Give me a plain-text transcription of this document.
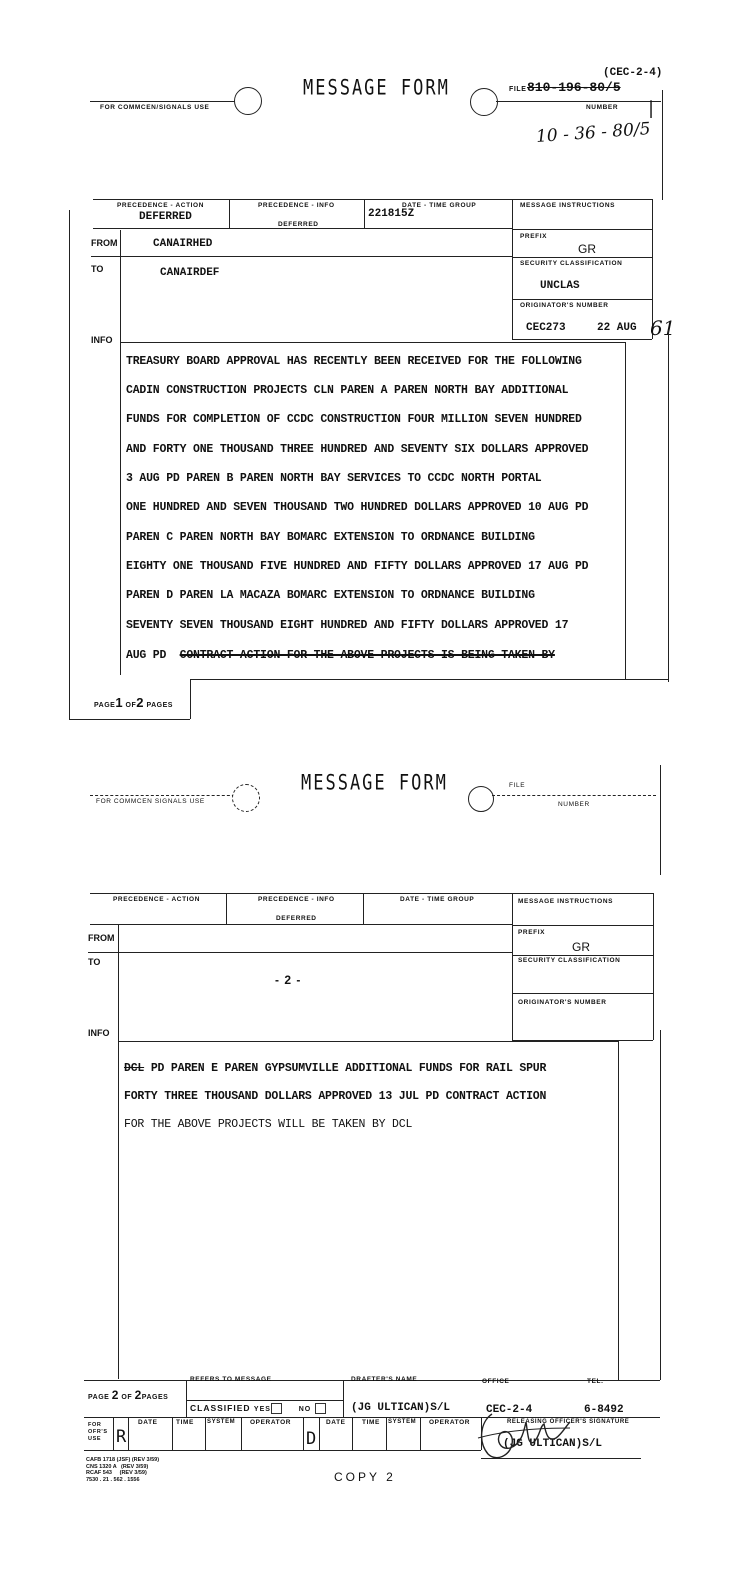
MESSAGE FORM
FOR COMMCEN/SIGNALS USE
FILE 810-196-80/5
(CEC-2-4)
NUMBER |
10 - 36 - 80/5
PRECEDENCE - ACTION
DEFERRED
PRECEDENCE - INFO
DEFERRED
DATE - TIME GROUP
221815Z
MESSAGE INSTRUCTIONS
PREFIX
GR
SECURITY CLASSIFICATION
UNCLAS
ORIGINATOR'S NUMBER
CEC273	22 AUG 61
FROM	CANAIRHED
TO	CANAIRDEF
INFO
TREASURY BOARD APPROVAL HAS RECENTLY BEEN RECEIVED FOR THE FOLLOWING
CADIN CONSTRUCTION PROJECTS CLN PAREN A PAREN NORTH BAY ADDITIONAL
FUNDS FOR COMPLETION OF CCDC CONSTRUCTION FOUR MILLION SEVEN HUNDRED
AND FORTY ONE THOUSAND THREE HUNDRED AND SEVENTY SIX DOLLARS APPROVED
3 AUG PD PAREN B PAREN NORTH BAY SERVICES TO CCDC NORTH PORTAL
ONE HUNDRED AND SEVEN THOUSAND TWO HUNDRED DOLLARS APPROVED 10 AUG PD
PAREN C PAREN NORTH BAY BOMARC EXTENSION TO ORDNANCE BUILDING
EIGHTY ONE THOUSAND FIVE HUNDRED AND FIFTY DOLLARS APPROVED 17 AUG PD
PAREN D PAREN LA MACAZA BOMARC EXTENSION TO ORDNANCE BUILDING
SEVENTY SEVEN THOUSAND EIGHT HUNDRED AND FIFTY DOLLARS APPROVED 17
AUG PD CONTRACT ACTION FOR THE ABOVE PROJECTS IS BEING TAKEN BY
PAGE1 OF2 PAGES
MESSAGE FORM
FOR COMMCEN SIGNALS USE
FILE
NUMBER
PRECEDENCE - ACTION	PRECEDENCE - INFO
DEFERRED
DATE - TIME GROUP	MESSAGE INSTRUCTIONS
PREFIX
GR
SECURITY CLASSIFICATION
ORIGINATOR'S NUMBER
FROM
TO
INFO
- 2 -
DCL PD PAREN E PAREN GYPSUMVILLE ADDITIONAL FUNDS FOR RAIL SPUR
FORTY THREE THOUSAND DOLLARS APPROVED 13 JUL PD CONTRACT ACTION
FOR THE ABOVE PROJECTS WILL BE TAKEN BY DCL
PAGE 2 OF 2PAGES
REFERS TO MESSAGE
CLASSIFIED YES	NO
DRAFTER'S NAME
(JG ULTICAN)S/L
OFFICE
CEC-2-4
TEL.
6-8492
FOR OFR'S USE R
DATE	TIME SYSTEM OPERATOR
D
DATE	TIME SYSTEM OPERATOR	RELEASING OFFICER'S SIGNATURE
(JG ULTICAN)S/L
CAFB 1718 (JSF) (REV 3/59)
CNS 1320 A   (REV 3/59)
RCAF 543     (REV 3/59)
7530 . 21 . 562 . 1556	COPY 2
